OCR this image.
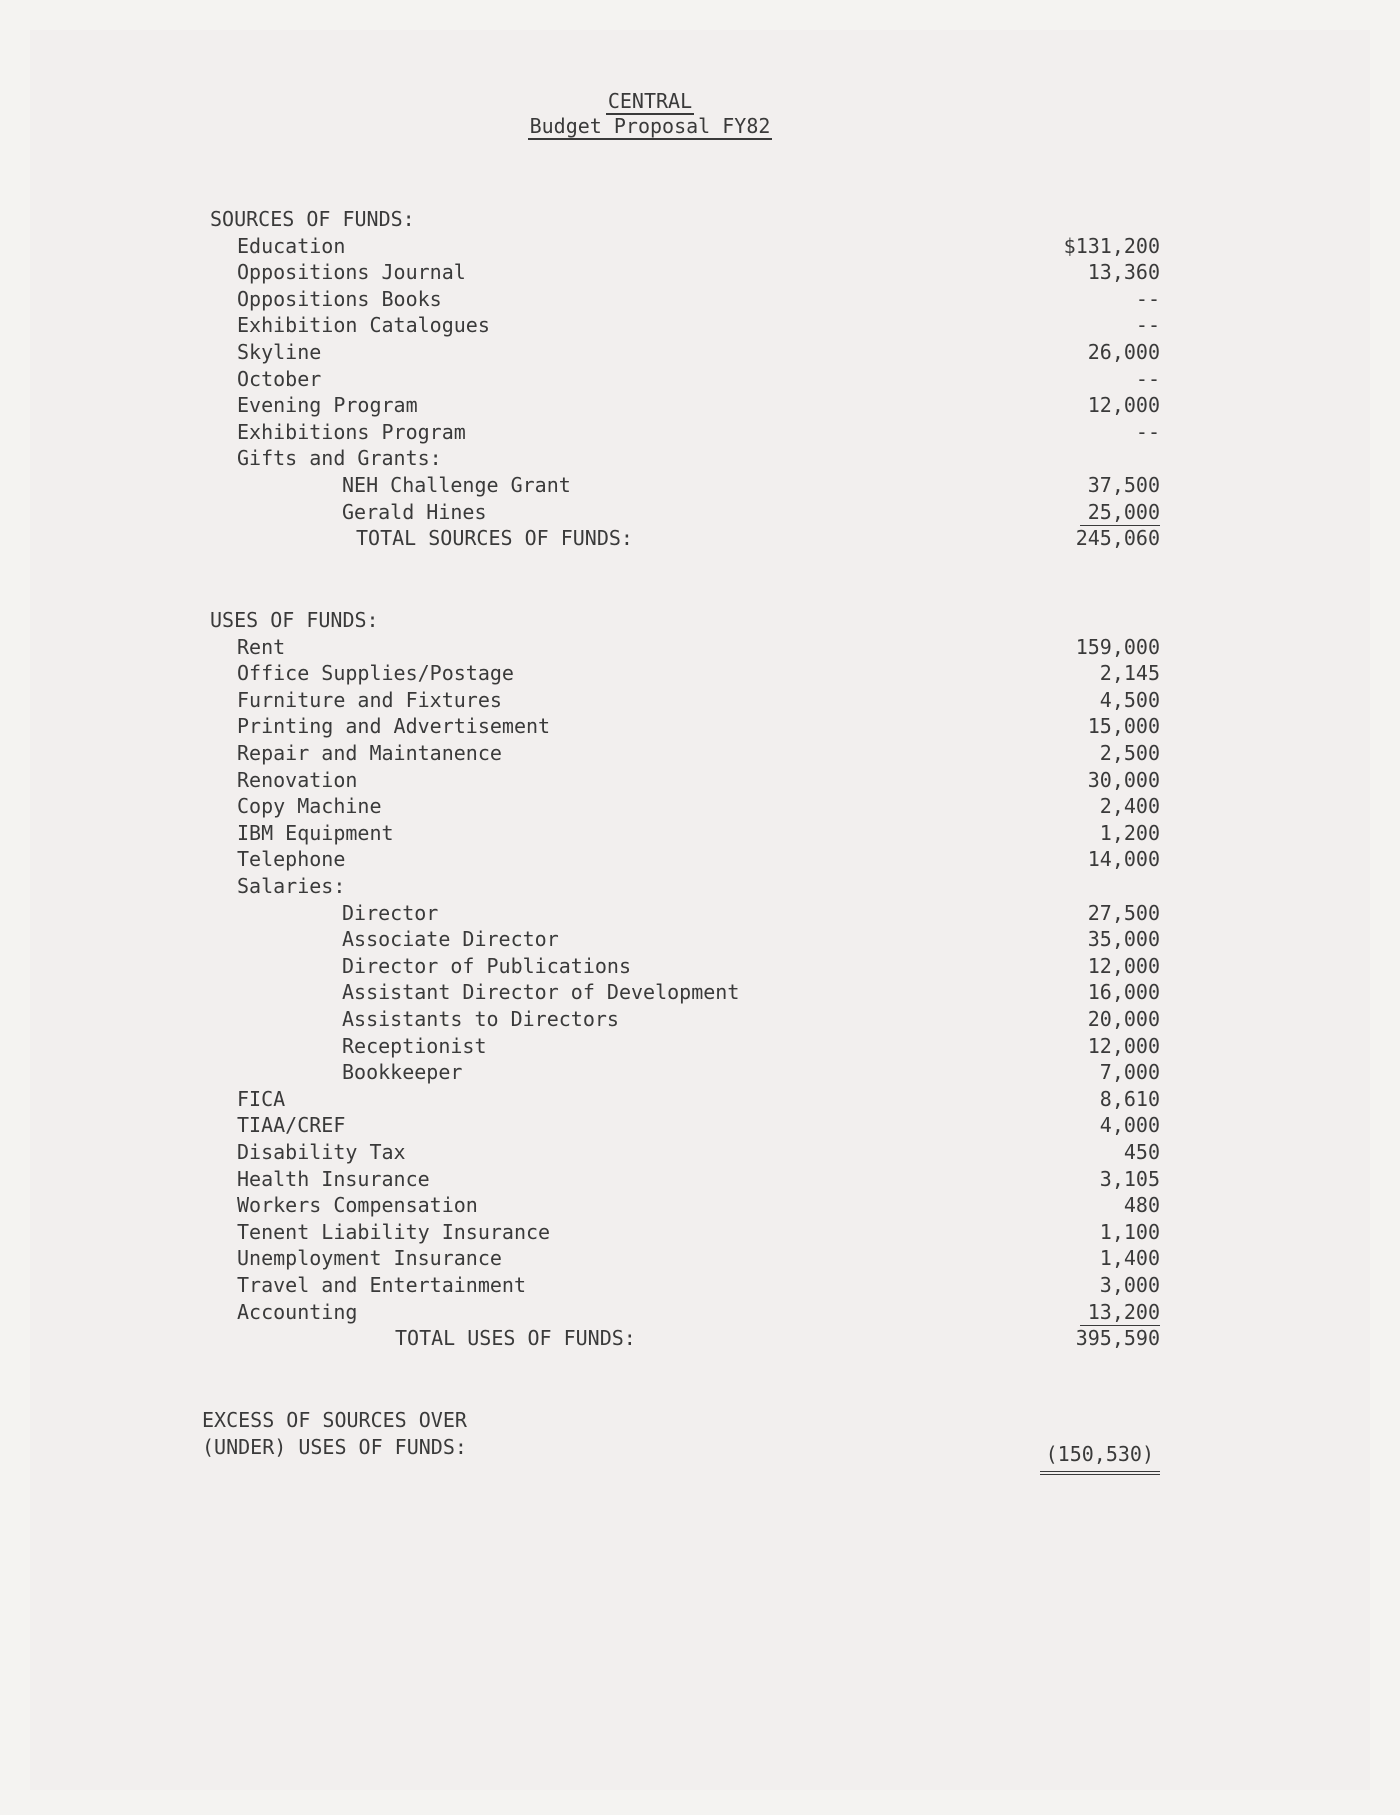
CENTRAL
Budget Proposal FY82
SOURCES OF FUNDS:
Education	$131,200
Oppositions Journal	13,360
Oppositions Books	--
Exhibition Catalogues	--
Skyline	26,000
October	--
Evening Program	12,000
Exhibitions Program	--
Gifts and Grants:
NEH Challenge Grant	37,500
Gerald Hines	25,000
TOTAL SOURCES OF FUNDS:	245,060
USES OF FUNDS:
Rent	159,000
Office Supplies/Postage	2,145
Furniture and Fixtures	4,500
Printing and Advertisement	15,000
Repair and Maintanence	2,500
Renovation	30,000
Copy Machine	2,400
IBM Equipment	1,200
Telephone	14,000
Salaries:
Director	27,500
Associate Director	35,000
Director of Publications	12,000
Assistant Director of Development	16,000
Assistants to Directors	20,000
Receptionist	12,000
Bookkeeper	7,000
FICA	8,610
TIAA/CREF	4,000
Disability Tax	450
Health Insurance	3,105
Workers Compensation	480
Tenent Liability Insurance	1,100
Unemployment Insurance	1,400
Travel and Entertainment	3,000
Accounting	13,200
TOTAL USES OF FUNDS:	395,590
EXCESS OF SOURCES OVER
(UNDER) USES OF FUNDS:	(150,530)
